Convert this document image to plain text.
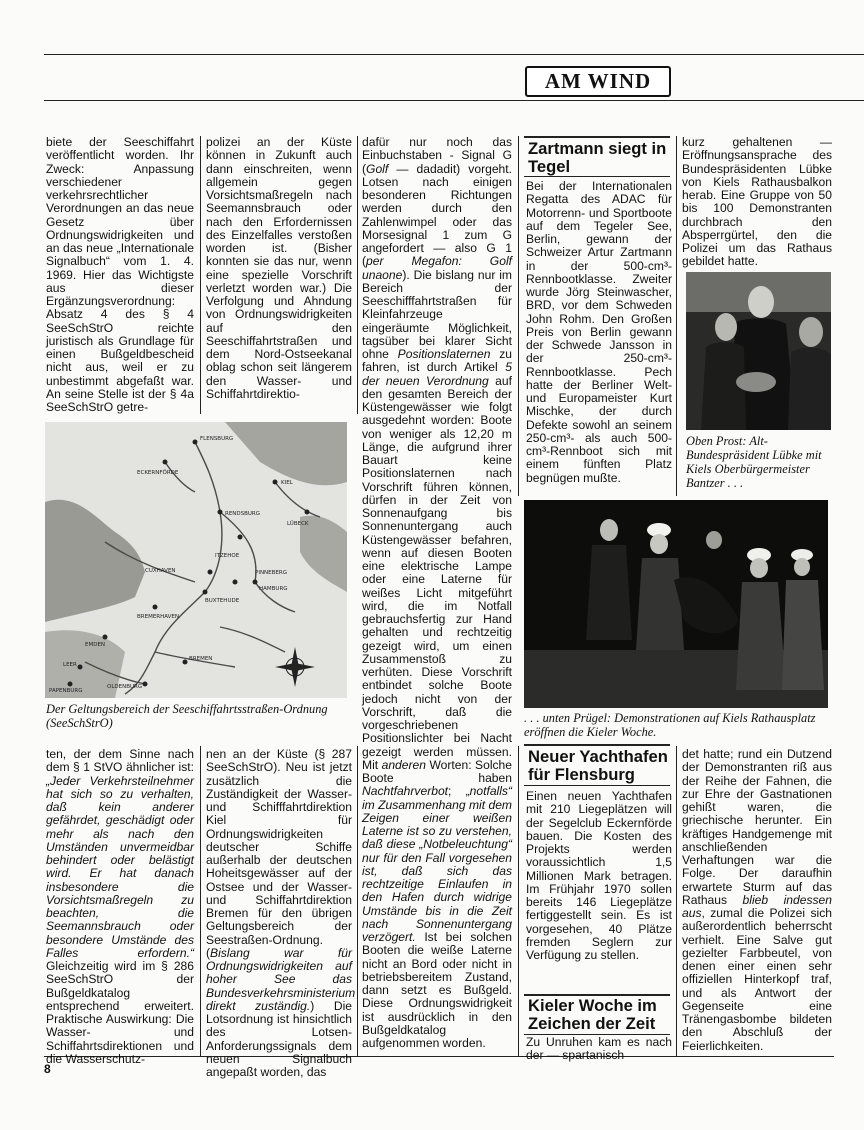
AM WIND

biete der Seeschiffahrt veröffentlicht worden. Ihr Zweck: Anpassung verschiedener verkehrsrechtlicher Verordnungen an das neue Gesetz über Ordnungswidrigkeiten und an das neue „Internationale Signalbuch“ vom 1. 4. 1969. Hier das Wichtigste aus dieser Ergänzungsverordnung: Absatz 4 des § 4 SeeSchStrO reichte juristisch als Grundlage für einen Bußgeldbescheid nicht aus, weil er zu unbestimmt abgefaßt war. An seine Stelle ist der § 4a SeeSchStrO getre-

polizei an der Küste können in Zukunft auch dann einschreiten, wenn allgemein gegen Vorsichtsmaßregeln nach Seemannsbrauch oder nach den Erfordernissen des Einzelfalles verstoßen worden ist. (Bisher konnten sie das nur, wenn eine spezielle Vorschrift verletzt worden war.) Die Verfolgung und Ahndung von Ordnungswidrigkeiten auf den Seeschiffahrtstraßen und dem Nord-Ostseekanal oblag schon seit längerem den Wasser- und Schiffahrtdirektio-

dafür nur noch das Einbuchstaben - Signal G (Golf — dadadit) vorgeht. Lotsen nach einigen besonderen Richtungen werden durch den Zahlenwimpel oder das Morsesignal 1 zum G angefordert — also G 1 (per Megafon: Golf unaone). Die bislang nur im Bereich der Seeschifffahrtstraßen für Kleinfahrzeuge eingeräumte Möglichkeit, tagsüber bei klarer Sicht ohne Positionslaternen zu fahren, ist durch Artikel 5 der neuen Verordnung auf den gesamten Bereich der Küstengewässer wie folgt ausgedehnt worden: Boote von weniger als 12,20 m Länge, die aufgrund ihrer Bauart keine Positionslaternen nach Vorschrift führen können, dürfen in der Zeit von Sonnenaufgang bis Sonnenuntergang auch Küstengewässer befahren, wenn auf diesen Booten eine elektrische Lampe oder eine Laterne für weißes Licht mitgeführt wird, die im Notfall gebrauchsfertig zur Hand gehalten und rechtzeitig gezeigt wird, um einen Zusammenstoß zu verhüten. Diese Vorschrift entbindet solche Boote jedoch nicht von der Vorschrift, daß die vorgeschriebenen Positionslichter bei Nacht gezeigt werden müssen. Mit anderen Worten: Solche Boote haben Nachtfahrverbot; „notfalls“ im Zusammenhang mit dem Zeigen einer weißen Laterne ist so zu verstehen, daß diese „Notbeleuchtung“ nur für den Fall vorgesehen ist, daß sich das rechtzeitige Einlaufen in den Hafen durch widrige Umstände bis in die Zeit nach Sonnenuntergang verzögert. Ist bei solchen Booten die weiße Laterne nicht an Bord oder nicht in betriebsbereitem Zustand, dann setzt es Bußgeld. Diese Ordnungswidrigkeit ist ausdrücklich in den Bußgeldkatalog aufgenommen worden.

FLENSBURG
ECKERNFÖRDE
RENDSBURG
KIEL
LÜBECK
ITZEHOE
HAMBURG
BUXTEHUDE
PINNEBERG
BREMERHAVEN
BREMEN
OLDENBURG
LEER
PAPENBURG
EMDEN
CUXHAVEN
Der Geltungsbereich der Seeschiffahrtsstraßen-Ordnung (SeeSchStrO)

ten, der dem Sinne nach dem § 1 StVO ähnlicher ist: „Jeder Verkehrsteilnehmer hat sich so zu verhalten, daß kein anderer gefährdet, geschädigt oder mehr als nach den Umständen unvermeidbar behindert oder belästigt wird. Er hat danach insbesondere die Vorsichtsmaßregeln zu beachten, die Seemannsbrauch oder besondere Umstände des Falles erfordern.“ Gleichzeitig wird im § 286 SeeSchStrO der Bußgeldkatalog entsprechend erweitert. Praktische Auswirkung: Die Wasser- und Schiffahrtsdirektionen und die Wasserschutz-

nen an der Küste (§ 287 SeeSchStrO). Neu ist jetzt zusätzlich die Zuständigkeit der Wasser- und Schifffahrtdirektion Kiel für Ordnungswidrigkeiten deutscher Schiffe außerhalb der deutschen Hoheitsgewässer auf der Ostsee und der Wasser- und Schiffahrtdirektion Bremen für den übrigen Geltungsbereich der Seestraßen-Ordnung. (Bislang war für Ordnungswidrigkeiten auf hoher See das Bundesverkehrsministerium direkt zuständig.) Die Lotsordnung ist hinsichtlich des Lotsen-Anforderungssignals dem neuen Signalbuch angepaßt worden, das

Zartmann siegt in Tegel

Bei der Internationalen Regatta des ADAC für Motorrenn- und Sportboote auf dem Tegeler See, Berlin, gewann der Schweizer Artur Zartmann in der 500-cm³-Rennbootklasse. Zweiter wurde Jörg Steinwascher, BRD, vor dem Schweden John Rohm. Den Großen Preis von Berlin gewann der Schwede Jansson in der 250-cm³-Rennbootklasse. Pech hatte der Berliner Welt- und Europameister Kurt Mischke, der durch Defekte sowohl an seinem 250-cm³- als auch 500-cm³-Rennboot sich mit einem fünften Platz begnügen mußte.

kurz gehaltenen — Eröffnungsansprache des Bundespräsidenten Lübke von Kiels Rathausbalkon herab. Eine Gruppe von 50 bis 100 Demonstranten durchbrach den Absperrgürtel, den die Polizei um das Rathaus gebildet hatte.

Oben Prost: Alt-Bundespräsident Lübke mit Kiels Oberbürgermeister Bantzer . . .
. . . unten Prügel: Demonstrationen auf Kiels Rathausplatz eröffnen die Kieler Woche.
Neuer Yachthafen für Flensburg

Einen neuen Yachthafen mit 210 Liegeplätzen will der Segelclub Eckernförde bauen. Die Kosten des Projekts werden voraussichtlich 1,5 Millionen Mark betragen. Im Frühjahr 1970 sollen bereits 146 Liegeplätze fertiggestellt sein. Es ist vorgesehen, 40 Plätze fremden Seglern zur Verfügung zu stellen.

Kieler Woche im Zeichen der Zeit

Zu Unruhen kam es nach der — spartanisch

det hatte; rund ein Dutzend der Demonstranten riß aus der Reihe der Fahnen, die zur Ehre der Gastnationen gehißt waren, die griechische herunter. Ein kräftiges Handgemenge mit anschließenden Verhaftungen war die Folge. Der daraufhin erwartete Sturm auf das Rathaus blieb indessen aus, zumal die Polizei sich außerordentlich beherrscht verhielt. Eine Salve gut gezielter Farbbeutel, von denen einer einen sehr offiziellen Hinterkopf traf, und als Antwort der Gegenseite eine Tränengasbombe bildeten den Abschluß der Feierlichkeiten.

8
